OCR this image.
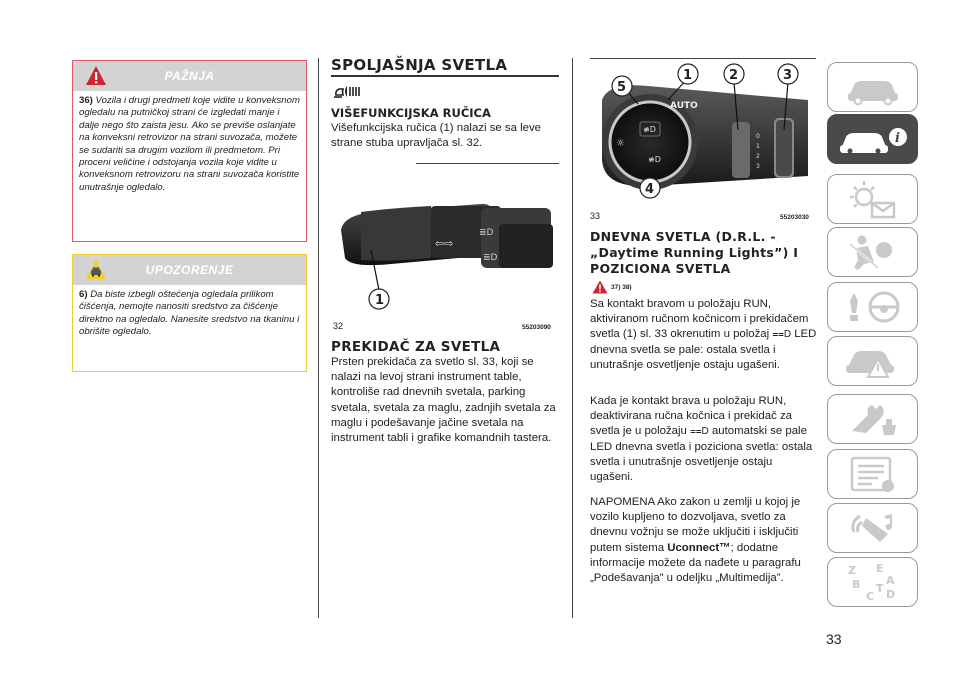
PAŽNJA
36) Vozila i drugi predmeti koje vidite u konveksnom ogledalu na putničkoj strani će izgledati manje i dalje nego što zaista jesu. Ako se previše oslanjate na konveksni retrovizor na strani suvozača, možete se sudariti sa drugim vozilom ili predmetom. Pri proceni veličine i odstojanja vozila koje vidite u konveksnom retrovizoru na strani suvozača koristite unutrašnje ogledalo.
UPOZORENJE
6) Da biste izbegli oštećenja ogledala prilikom čišćenja, nemojte nanositi sredstvo za čišćenje direktno na ogledalo. Nanesite sredstvo na tkaninu i obrišite ogledalo.
SPOLJAŠNJA SVETLA
VIŠEFUNKCIJSKA RUČICA
Višefunkcijska ručica (1) nalazi se sa leve strane stuba upravljača sl. 32.
⇦⇨
≣D
≣D
1
32	55203090
PREKIDAČ ZA SVETLA
Prsten prekidača za svetlo sl. 33, koji se nalazi na levoj strani instrument table, kontroliše rad dnevnih svetala, parking svetala, svetala za maglu, zadnjih svetala za maglu i podešavanje jačine svetala na instrument tabli i grafike komandnih tastera.
≢D
≢D
AUTO
☼
0
1
2
3
1	2	3
4
5
33	55203030
DNEVNA SVETLA (D.R.L. -
„Daytime Running Lights”) I
POZICIONA SVETLA
37) 38)
Sa kontakt bravom u položaju RUN, aktiviranom ručnom kočnicom i prekidačem svetla (1) sl. 33 okrenutim u položaj ⩵D LED dnevna svetla se pale: ostala svetla i unutrašnje osvetljenje ostaju ugašeni.
Kada je kontakt brava u položaju RUN, deaktivirana ručna kočnica i prekidač za svetla je u položaju ⩵D automatski se pale LED dnevna svetla i poziciona svetla: ostala svetla i unutrašnje osvetljenje ostaju ugašeni.
NAPOMENA Ako zakon u zemlji u kojoj je vozilo kupljeno to dozvoljava, svetlo za dnevnu vožnju se može uključiti i isključiti putem sistema Uconnect™; dodatne informacije možete da nađete u paragrafu „Podešavanja” u odeljku „Multimedija”.
i
Z E
B
C
T D
A
33
